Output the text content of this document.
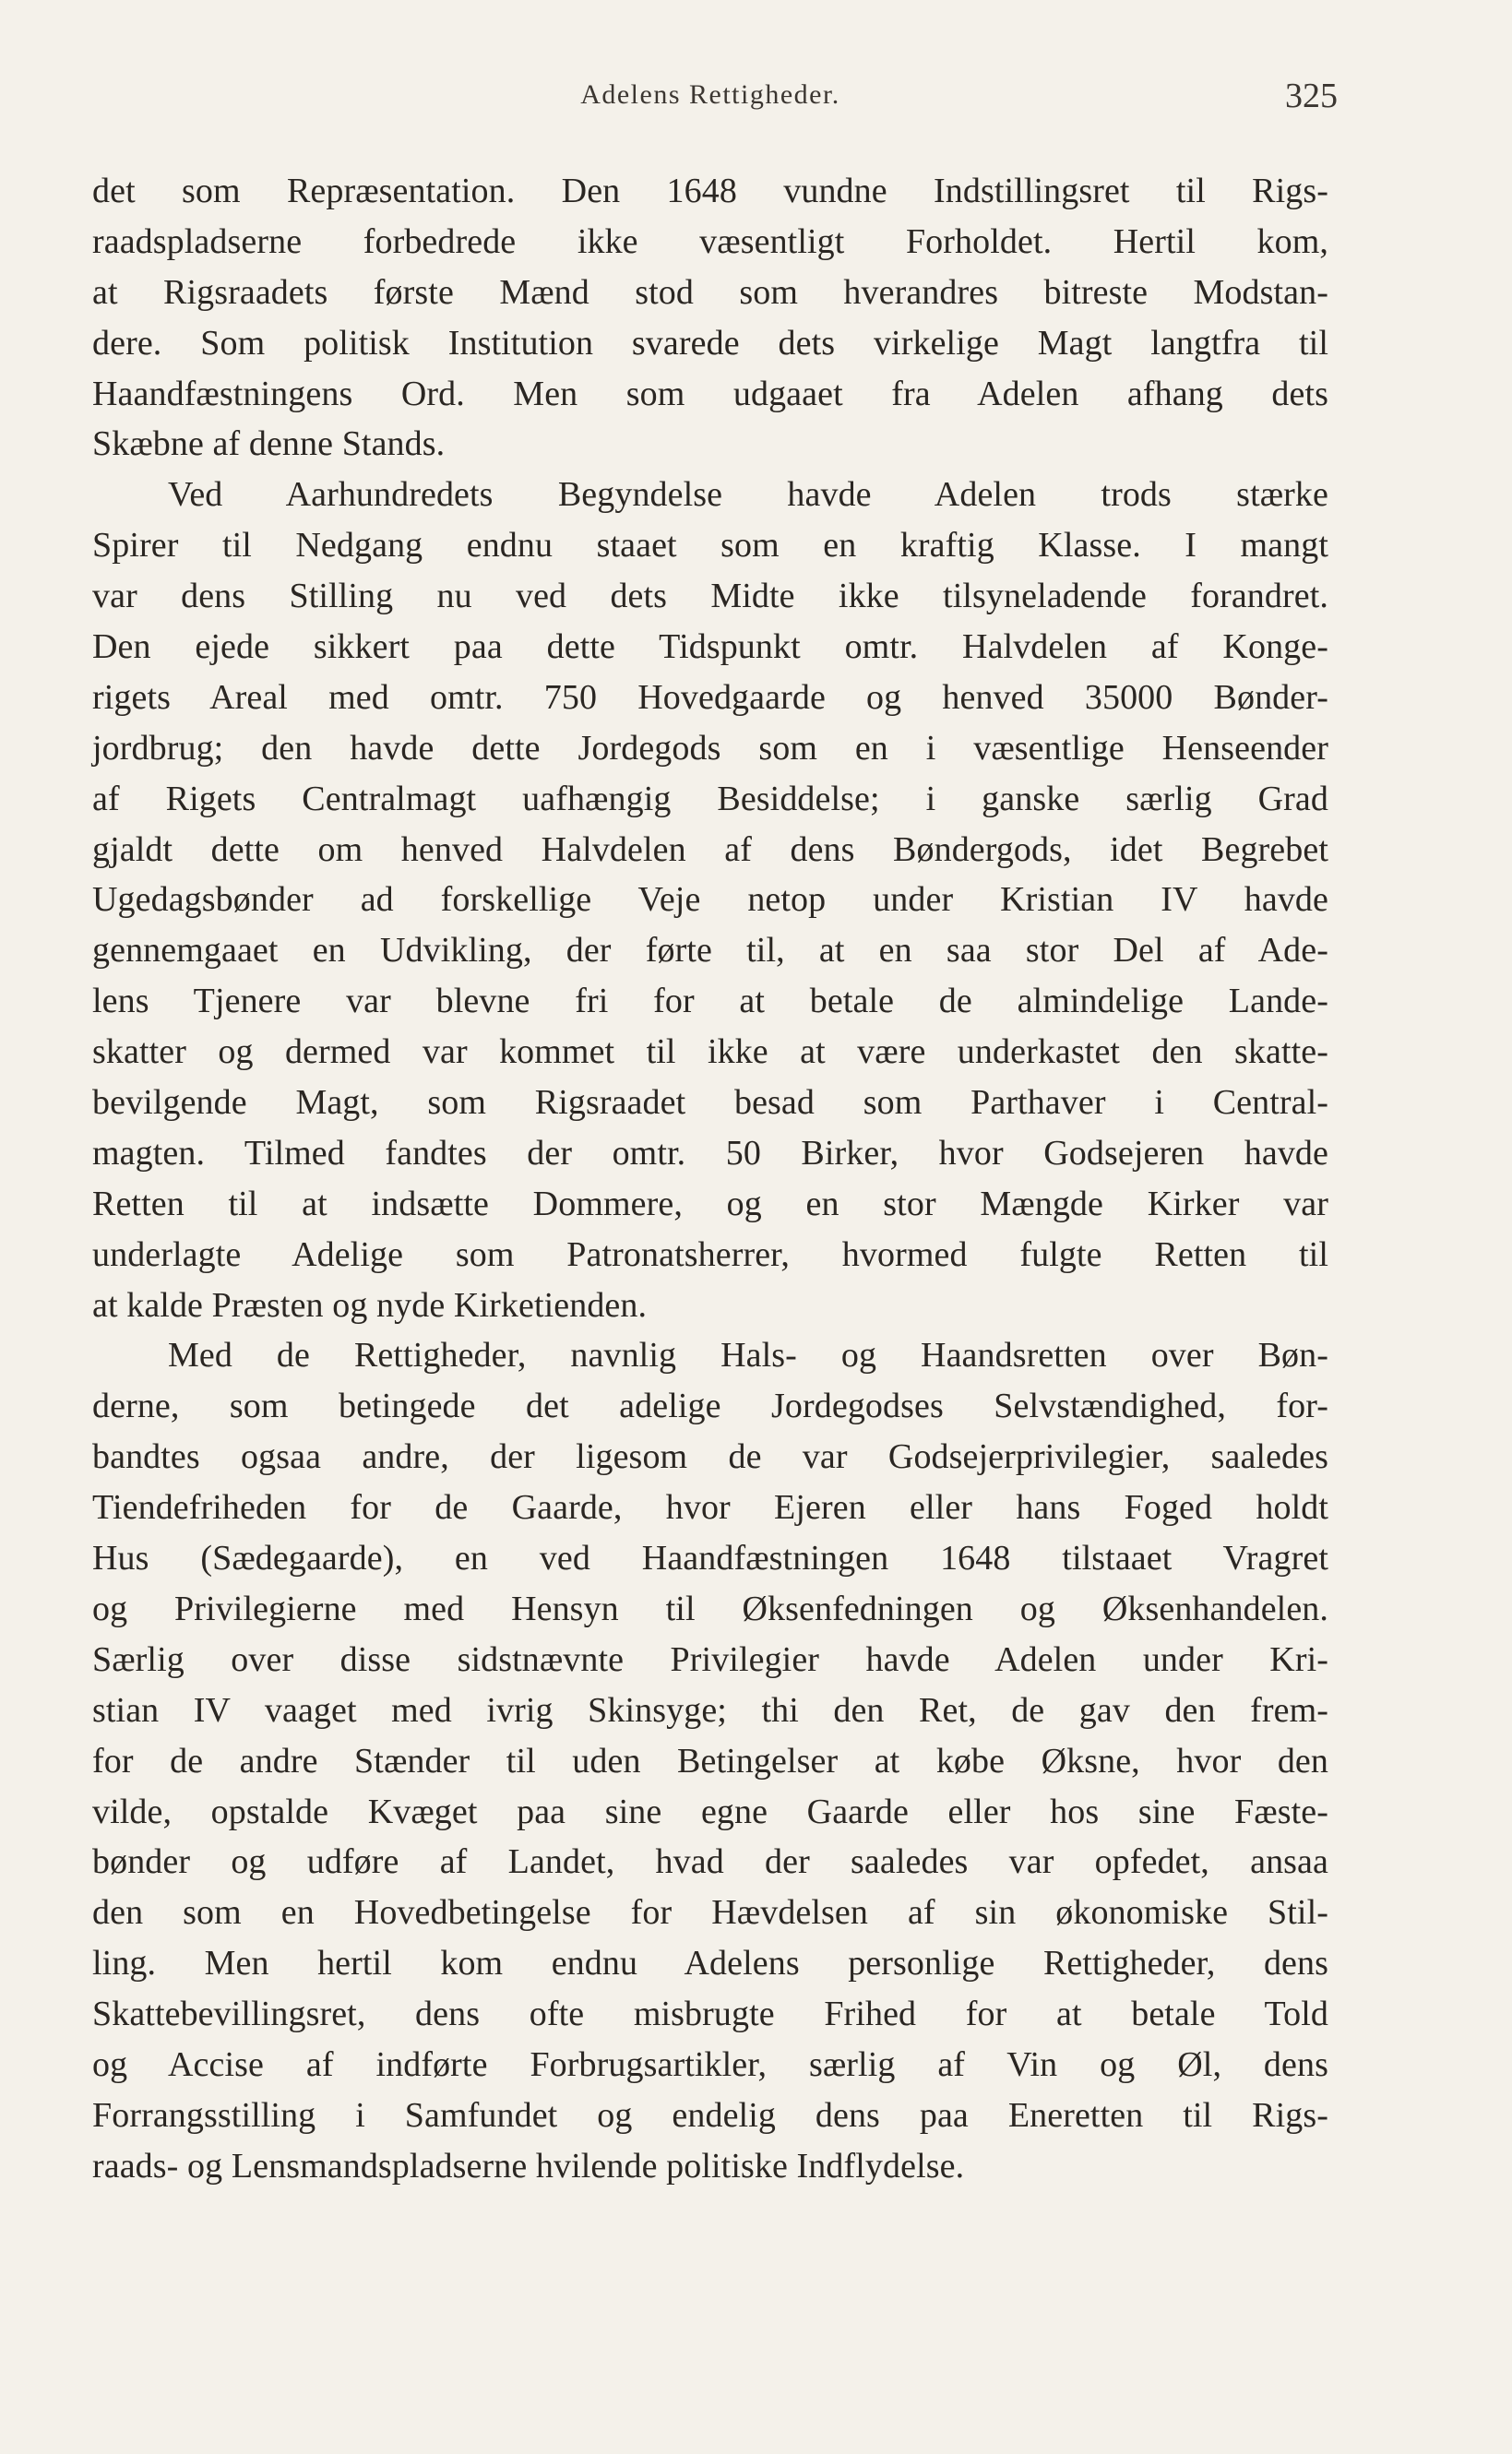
Adelens Rettigheder.	325
det som Repræsentation. Den 1648 vundne Indstillingsret til Rigs-
raadspladserne forbedrede ikke væsentligt Forholdet. Hertil kom,
at Rigsraadets første Mænd stod som hverandres bitreste Modstan-
dere. Som politisk Institution svarede dets virkelige Magt langtfra til
Haandfæstningens Ord. Men som udgaaet fra Adelen afhang dets
Skæbne af denne Stands.
Ved Aarhundredets Begyndelse havde Adelen trods stærke
Spirer til Nedgang endnu staaet som en kraftig Klasse. I mangt
var dens Stilling nu ved dets Midte ikke tilsyneladende forandret.
Den ejede sikkert paa dette Tidspunkt omtr. Halvdelen af Konge-
rigets Areal med omtr. 750 Hovedgaarde og henved 35000 Bønder-
jordbrug; den havde dette Jordegods som en i væsentlige Henseender
af Rigets Centralmagt uafhængig Besiddelse; i ganske særlig Grad
gjaldt dette om henved Halvdelen af dens Bøndergods, idet Begrebet
Ugedagsbønder ad forskellige Veje netop under Kristian IV havde
gennemgaaet en Udvikling, der førte til, at en saa stor Del af Ade-
lens Tjenere var blevne fri for at betale de almindelige Lande-
skatter og dermed var kommet til ikke at være underkastet den skatte-
bevilgende Magt, som Rigsraadet besad som Parthaver i Central-
magten. Tilmed fandtes der omtr. 50 Birker, hvor Godsejeren havde
Retten til at indsætte Dommere, og en stor Mængde Kirker var
underlagte Adelige som Patronatsherrer, hvormed fulgte Retten til
at kalde Præsten og nyde Kirketienden.
Med de Rettigheder, navnlig Hals- og Haandsretten over Bøn-
derne, som betingede det adelige Jordegodses Selvstændighed, for-
bandtes ogsaa andre, der ligesom de var Godsejerprivilegier, saaledes
Tiendefriheden for de Gaarde, hvor Ejeren eller hans Foged holdt
Hus (Sædegaarde), en ved Haandfæstningen 1648 tilstaaet Vragret
og Privilegierne med Hensyn til Øksenfedningen og Øksenhandelen.
Særlig over disse sidstnævnte Privilegier havde Adelen under Kri-
stian IV vaaget med ivrig Skinsyge; thi den Ret, de gav den frem-
for de andre Stænder til uden Betingelser at købe Øksne, hvor den
vilde, opstalde Kvæget paa sine egne Gaarde eller hos sine Fæste-
bønder og udføre af Landet, hvad der saaledes var opfedet, ansaa
den som en Hovedbetingelse for Hævdelsen af sin økonomiske Stil-
ling. Men hertil kom endnu Adelens personlige Rettigheder, dens
Skattebevillingsret, dens ofte misbrugte Frihed for at betale Told
og Accise af indførte Forbrugsartikler, særlig af Vin og Øl, dens
Forrangsstilling i Samfundet og endelig dens paa Eneretten til Rigs-
raads- og Lensmandspladserne hvilende politiske Indflydelse.
